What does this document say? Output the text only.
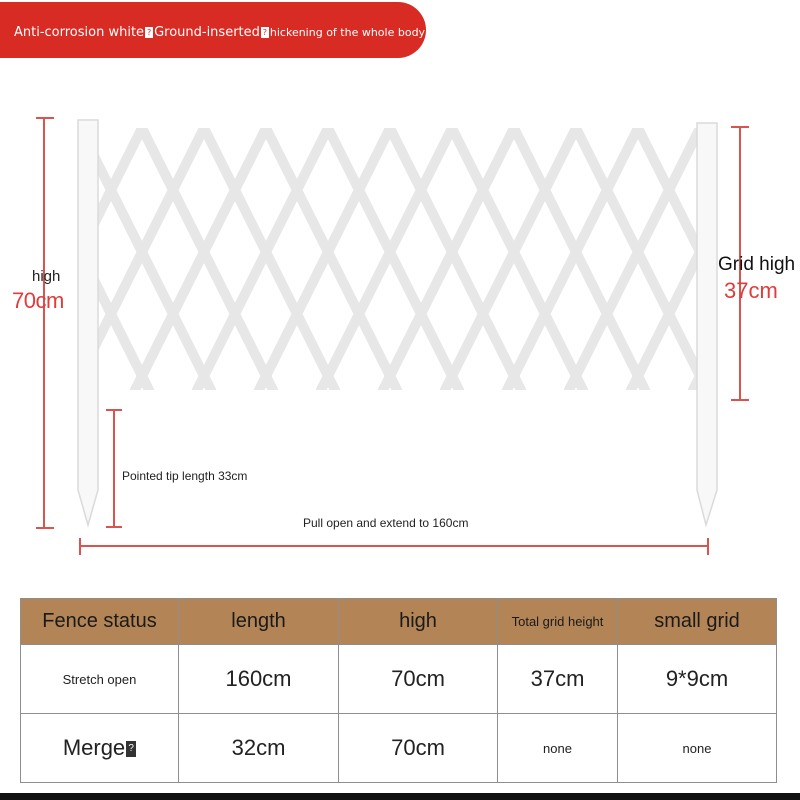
Anti-corrosion white ? Ground-inserted ? hickening of the whole body
high
70cm
Grid high
37cm
Pointed tip length 33cm
Pull open and extend to 160cm
Fence status	length	high	Total grid height	small grid
Stretch open	160cm	70cm	37cm	9*9cm
Merge ?	32cm	70cm	none	none
